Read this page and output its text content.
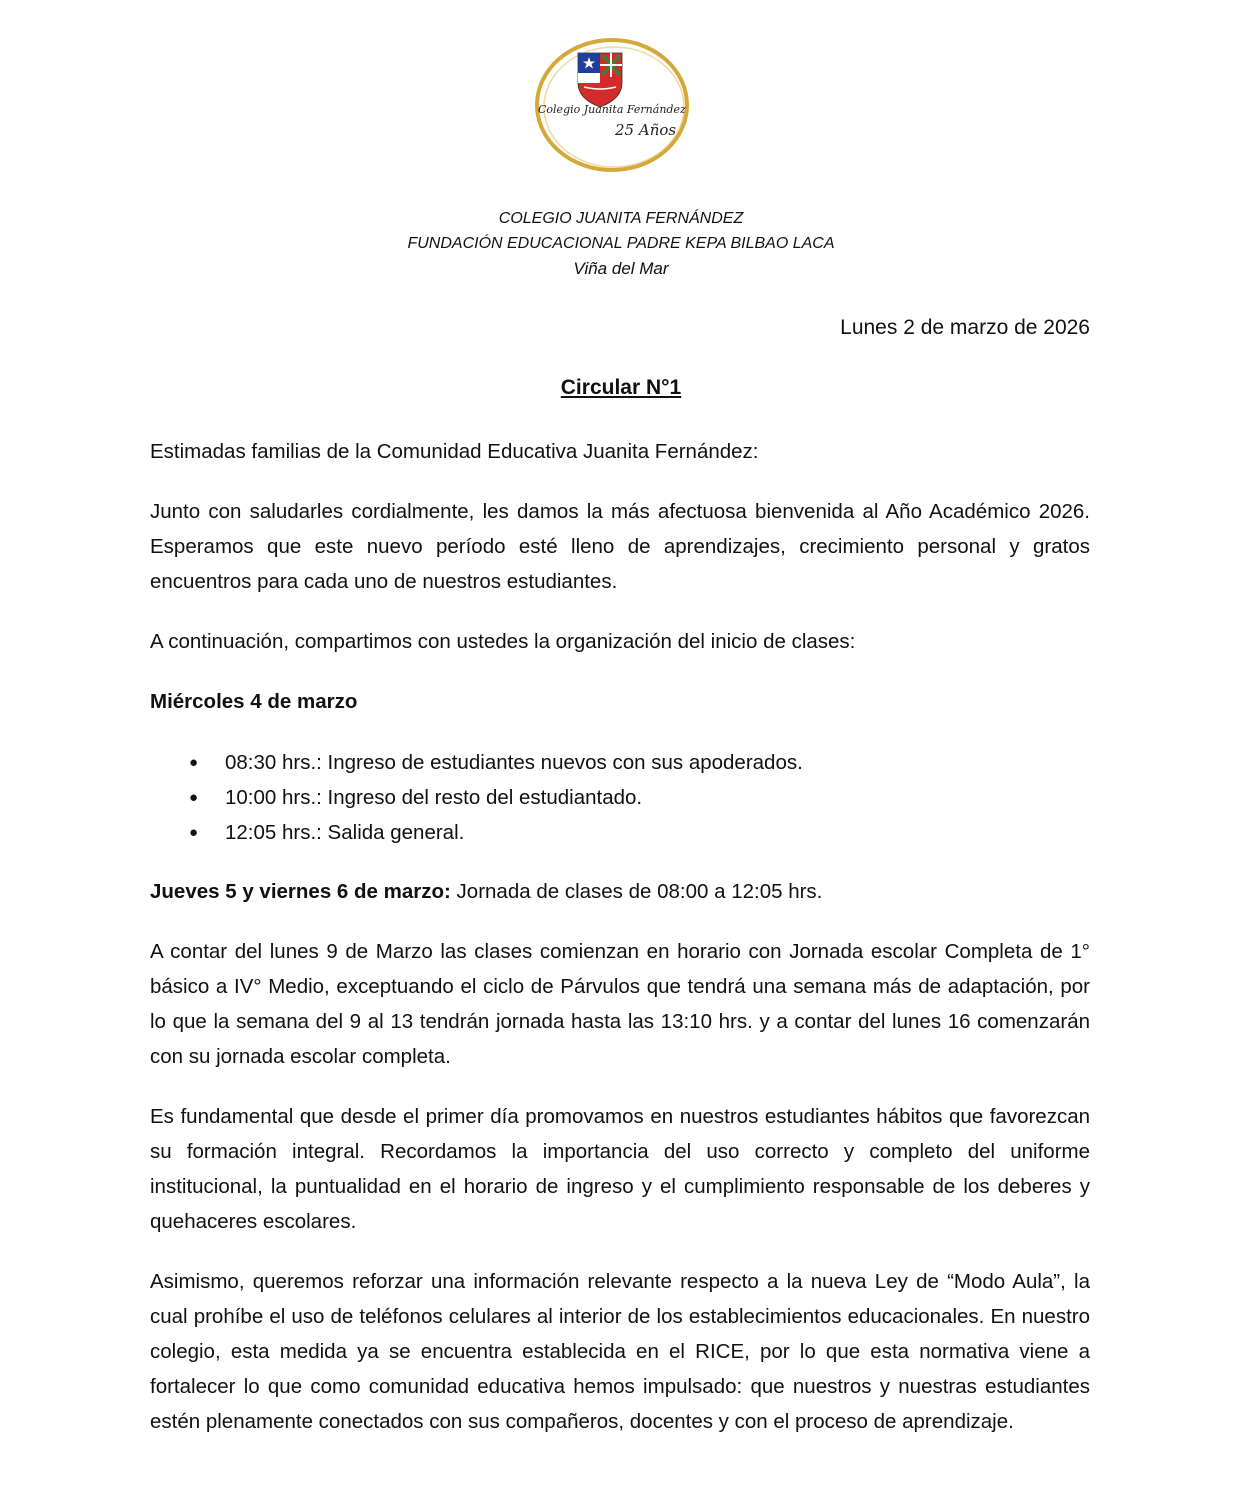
Colegio Juanita Fernández
25 Años
COLEGIO JUANITA FERNÁNDEZ
FUNDACIÓN EDUCACIONAL PADRE KEPA BILBAO LACA
Viña del Mar
Lunes 2 de marzo de 2026
Circular N°1

Estimadas familias de la Comunidad Educativa Juanita Fernández:

Junto con saludarles cordialmente, les damos la más afectuosa bienvenida al Año Académico 2026. Esperamos que este nuevo período esté lleno de aprendizajes, crecimiento personal y gratos encuentros para cada uno de nuestros estudiantes.

A continuación, compartimos con ustedes la organización del inicio de clases:

Miércoles 4 de marzo

● 08:30 hrs.: Ingreso de estudiantes nuevos con sus apoderados.
● 10:00 hrs.: Ingreso del resto del estudiantado.
● 12:05 hrs.: Salida general.

Jueves 5 y viernes 6 de marzo: Jornada de clases de 08:00 a 12:05 hrs.

A contar del lunes 9 de Marzo las clases comienzan en horario con Jornada escolar Completa de 1° básico a IV° Medio, exceptuando el ciclo de Párvulos que tendrá una semana más de adaptación, por lo que la semana del 9 al 13 tendrán jornada hasta las 13:10 hrs. y a contar del lunes 16 comenzarán con su jornada escolar completa.

Es fundamental que desde el primer día promovamos en nuestros estudiantes hábitos que favorezcan su formación integral. Recordamos la importancia del uso correcto y completo del uniforme institucional, la puntualidad en el horario de ingreso y el cumplimiento responsable de los deberes y quehaceres escolares.

Asimismo, queremos reforzar una información relevante respecto a la nueva Ley de “Modo Aula”, la cual prohíbe el uso de teléfonos celulares al interior de los establecimientos educacionales. En nuestro colegio, esta medida ya se encuentra establecida en el RICE, por lo que esta normativa viene a fortalecer lo que como comunidad educativa hemos impulsado: que nuestros y nuestras estudiantes estén plenamente conectados con sus compañeros, docentes y con el proceso de aprendizaje.
